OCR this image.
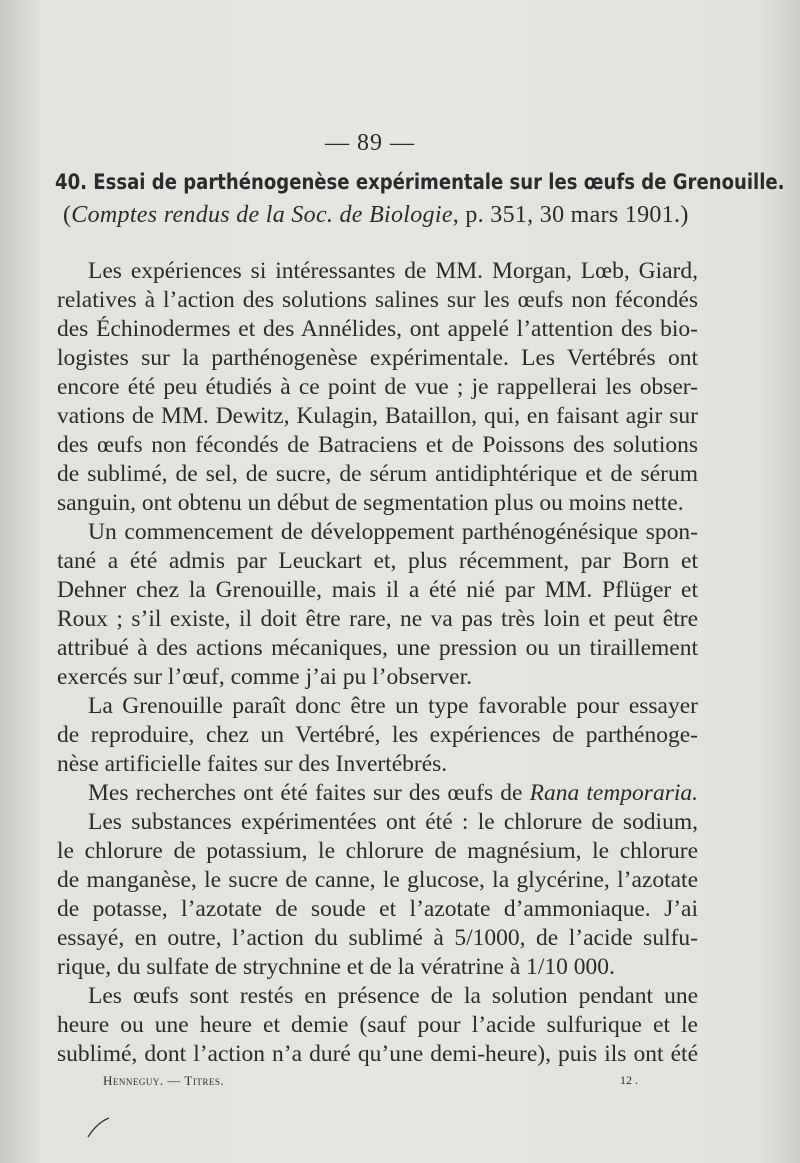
— 89 —
40. Essai de parthénogenèse expérimentale sur les œufs de Grenouille.
(Comptes rendus de la Soc. de Biologie, p. 351, 30 mars 1901.)
Les expériences si intéressantes de MM. Morgan, Lœb, Giard,
relatives à l’action des solutions salines sur les œufs non fécondés
des Échinodermes et des Annélides, ont appelé l’attention des bio-
logistes sur la parthénogenèse expérimentale. Les Vertébrés ont
encore été peu étudiés à ce point de vue ; je rappellerai les obser-
vations de MM. Dewitz, Kulagin, Bataillon, qui, en faisant agir sur
des œufs non fécondés de Batraciens et de Poissons des solutions
de sublimé, de sel, de sucre, de sérum antidiphtérique et de sérum
sanguin, ont obtenu un début de segmentation plus ou moins nette.
Un commencement de développement parthénogénésique spon-
tané a été admis par Leuckart et, plus récemment, par Born et
Dehner chez la Grenouille, mais il a été nié par MM. Pflüger et
Roux ; s’il existe, il doit être rare, ne va pas très loin et peut être
attribué à des actions mécaniques, une pression ou un tiraillement
exercés sur l’œuf, comme j’ai pu l’observer.
La Grenouille paraît donc être un type favorable pour essayer
de reproduire, chez un Vertébré, les expériences de parthénoge-
nèse artificielle faites sur des Invertébrés.
Mes recherches ont été faites sur des œufs de Rana temporaria.
Les substances expérimentées ont été : le chlorure de sodium,
le chlorure de potassium, le chlorure de magnésium, le chlorure
de manganèse, le sucre de canne, le glucose, la glycérine, l’azotate
de potasse, l’azotate de soude et l’azotate d’ammoniaque. J’ai
essayé, en outre, l’action du sublimé à 5/1000, de l’acide sulfu-
rique, du sulfate de strychnine et de la vératrine à 1/10 000.
Les œufs sont restés en présence de la solution pendant une
heure ou une heure et demie (sauf pour l’acide sulfurique et le
sublimé, dont l’action n’a duré qu’une demi-heure), puis ils ont été
Henneguy. — Titres.	12 .
